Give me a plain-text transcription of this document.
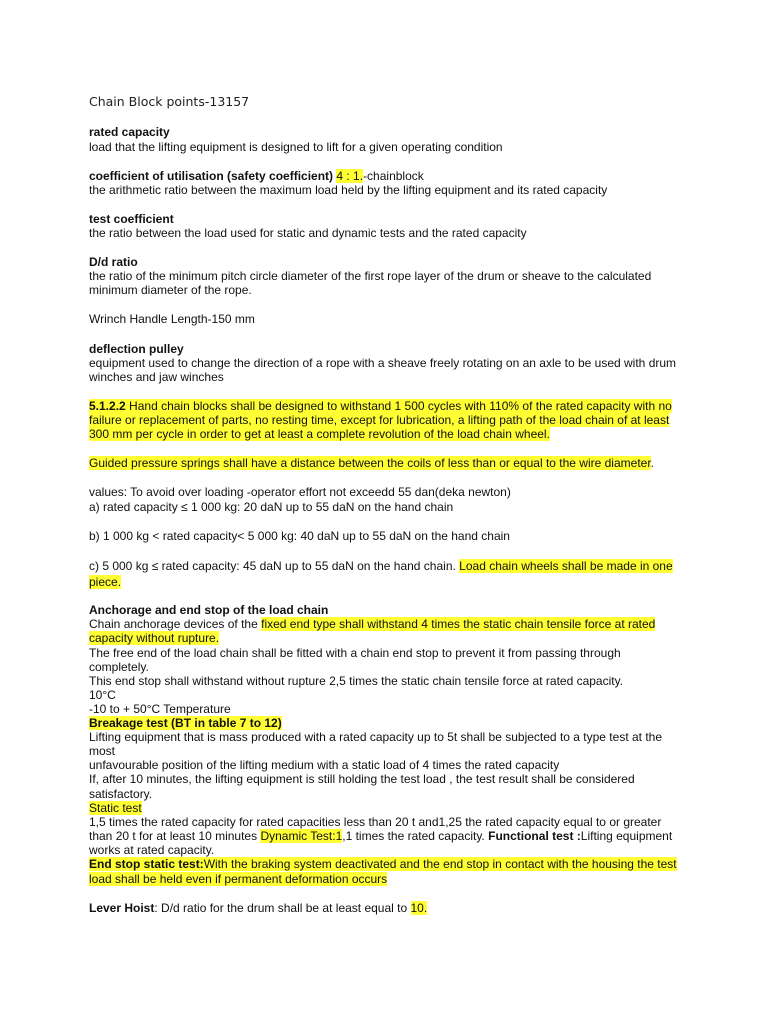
Chain Block points-13157
rated capacity
load that the lifting equipment is designed to lift for a given operating condition
coefficient of utilisation (safety coefficient) 4 : 1.-chainblock
the arithmetic ratio between the maximum load held by the lifting equipment and its rated capacity
test coefficient
the ratio between the load used for static and dynamic tests and the rated capacity
D/d ratio
the ratio of the minimum pitch circle diameter of the first rope layer of the drum or sheave to the calculated
minimum diameter of the rope.
Wrinch Handle Length-150 mm
deflection pulley
equipment used to change the direction of a rope with a sheave freely rotating on an axle to be used with drum
winches and jaw winches
5.1.2.2 Hand chain blocks shall be designed to withstand 1 500 cycles with 110% of the rated capacity with no
failure or replacement of parts, no resting time, except for lubrication, a lifting path of the load chain of at least
300 mm per cycle in order to get at least a complete revolution of the load chain wheel.
Guided pressure springs shall have a distance between the coils of less than or equal to the wire diameter.
values: To avoid over loading -operator effort not exceedd 55 dan(deka newton)
a) rated capacity ≤ 1 000 kg: 20 daN up to 55 daN on the hand chain
b) 1 000 kg < rated capacity< 5 000 kg: 40 daN up to 55 daN on the hand chain
c) 5 000 kg ≤ rated capacity: 45 daN up to 55 daN on the hand chain. Load chain wheels shall be made in one
piece.
Anchorage and end stop of the load chain
Chain anchorage devices of the fixed end type shall withstand 4 times the static chain tensile force at rated
capacity without rupture.
The free end of the load chain shall be fitted with a chain end stop to prevent it from passing through
completely.
This end stop shall withstand without rupture 2,5 times the static chain tensile force at rated capacity.
10°C
-10 to + 50°C Temperature
Breakage test (BT in table 7 to 12)
Lifting equipment that is mass produced with a rated capacity up to 5t shall be subjected to a type test at the
most
unfavourable position of the lifting medium with a static load of 4 times the rated capacity
If, after 10 minutes, the lifting equipment is still holding the test load , the test result shall be considered
satisfactory.
Static test
1,5 times the rated capacity for rated capacities less than 20 t and1,25 the rated capacity equal to or greater
than 20 t for at least 10 minutes Dynamic Test:1,1 times the rated capacity. Functional test :Lifting equipment
works at rated capacity.
End stop static test:With the braking system deactivated and the end stop in contact with the housing the test
load shall be held even if permanent deformation occurs
Lever Hoist: D/d ratio for the drum shall be at least equal to 10.
